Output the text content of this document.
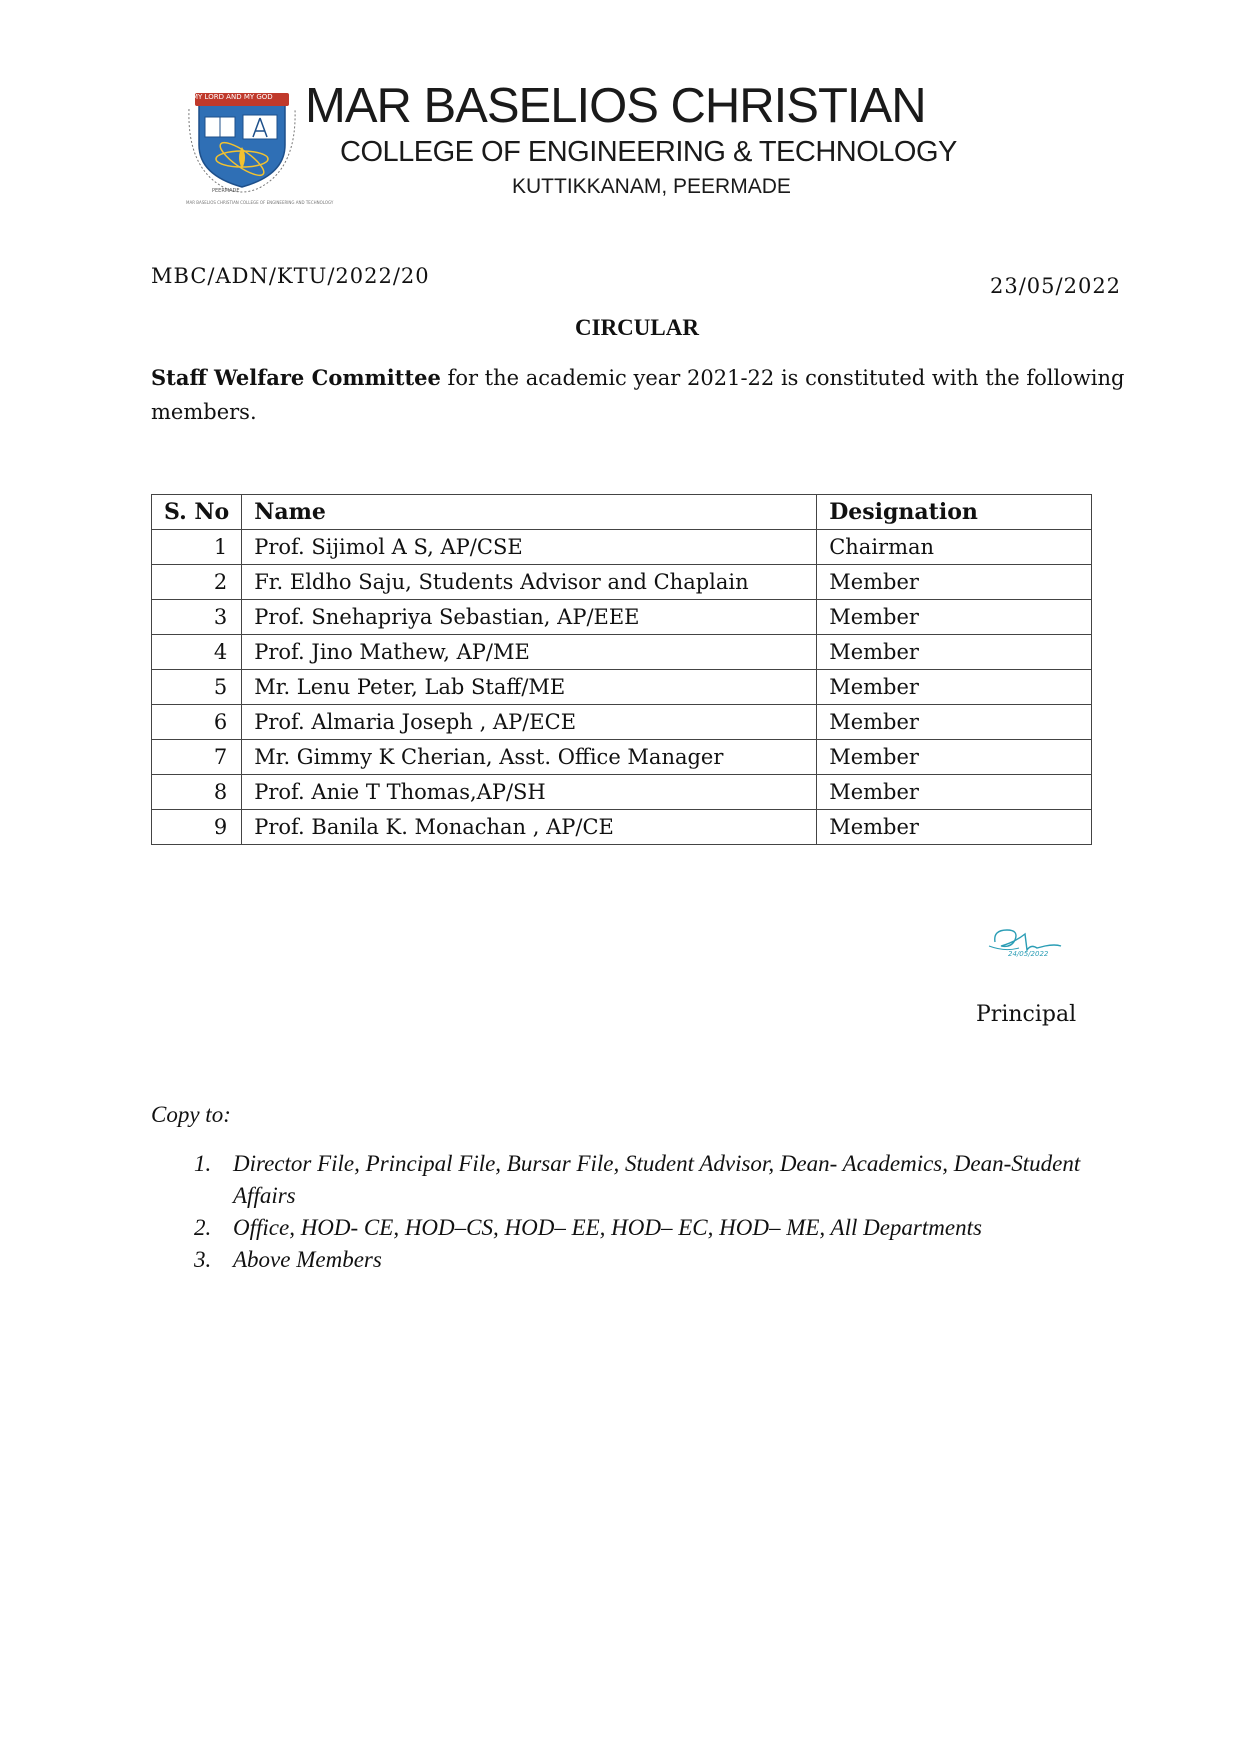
MY LORD AND MY GOD
PEERMADE
MAR BASELIOS CHRISTIAN COLLEGE OF ENGINEERING AND TECHNOLOGY
MAR BASELIOS CHRISTIAN
COLLEGE OF ENGINEERING & TECHNOLOGY
KUTTIKKANAM, PEERMADE
MBC/ADN/KTU/2022/20	23/05/2022
CIRCULAR
Staff Welfare Committee for the academic year 2021-22 is constituted with the following members.
S. No	Name	Designation
1	Prof. Sijimol A S, AP/CSE	Chairman
2	Fr. Eldho Saju, Students Advisor and Chaplain	Member
3	Prof. Snehapriya Sebastian, AP/EEE	Member
4	Prof. Jino Mathew, AP/ME	Member
5	Mr. Lenu Peter, Lab Staff/ME	Member
6	Prof. Almaria Joseph , AP/ECE	Member
7	Mr. Gimmy K Cherian, Asst. Office Manager	Member
8	Prof. Anie T Thomas,AP/SH	Member
9	Prof. Banila K. Monachan , AP/CE	Member
24/05/2022
Principal
Copy to:
1. Director File, Principal File, Bursar File, Student Advisor, Dean- Academics, Dean-Student Affairs
2. Office, HOD- CE, HOD–CS, HOD– EE, HOD– EC, HOD– ME, All Departments
3. Above Members
